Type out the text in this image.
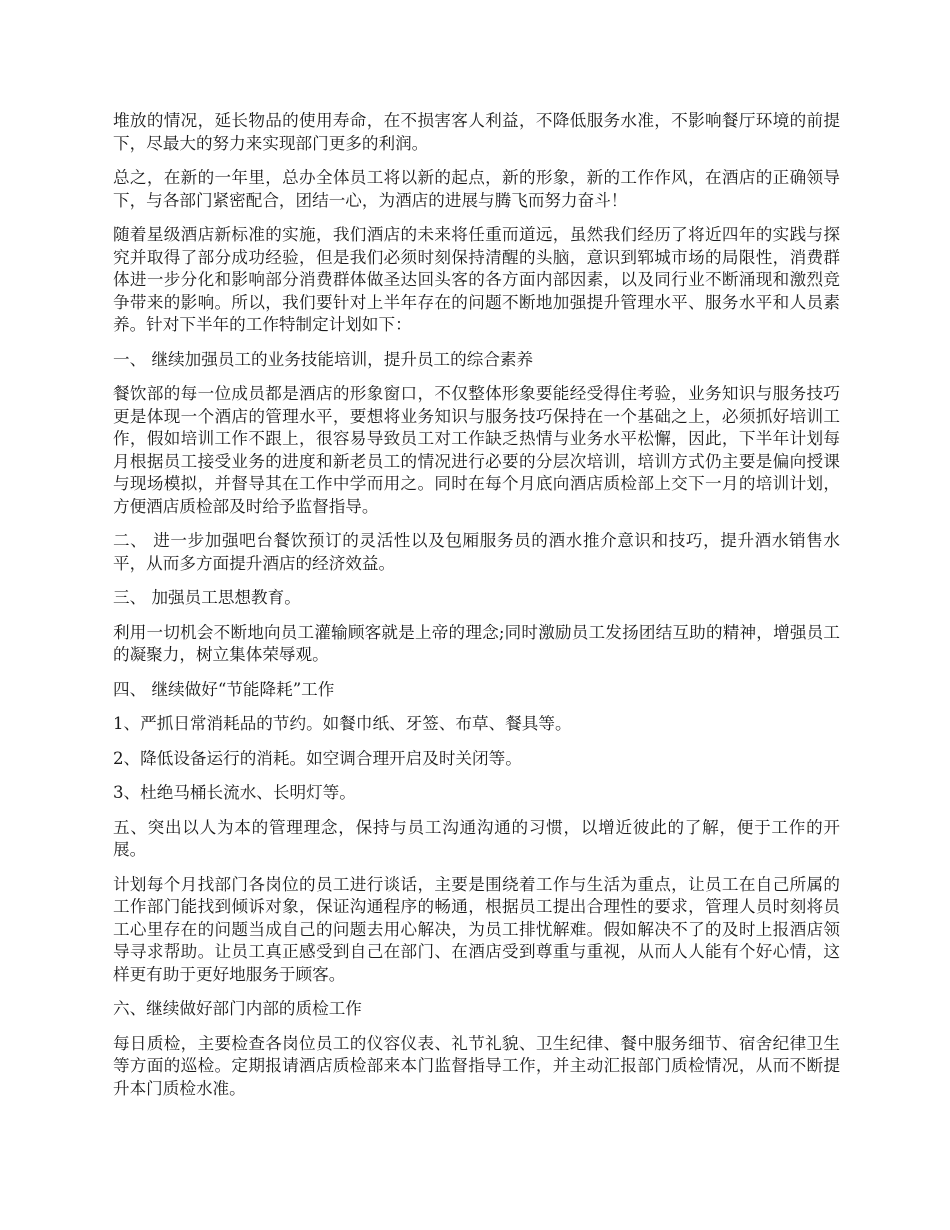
堆放的情况，延长物品的使用寿命，在不损害客人利益，不降低服务水准，不影响餐厅环境的前提下，尽最大的努力来实现部门更多的利润。

总之，在新的一年里，总办全体员工将以新的起点，新的形象，新的工作作风，在酒店的正确领导下，与各部门紧密配合，团结一心，为酒店的进展与腾飞而努力奋斗！

随着星级酒店新标准的实施，我们酒店的未来将任重而道远，虽然我们经历了将近四年的实践与探究并取得了部分成功经验，但是我们必须时刻保持清醒的头脑，意识到郓城市场的局限性，消费群体进一步分化和影响部分消费群体做圣达回头客的各方面内部因素，以及同行业不断涌现和激烈竞争带来的影响。所以，我们要针对上半年存在的问题不断地加强提升管理水平、服务水平和人员素养。针对下半年的工作特制定计划如下：

一、 继续加强员工的业务技能培训，提升员工的综合素养

餐饮部的每一位成员都是酒店的形象窗口，不仅整体形象要能经受得住考验，业务知识与服务技巧更是体现一个酒店的管理水平，要想将业务知识与服务技巧保持在一个基础之上，必须抓好培训工作，假如培训工作不跟上，很容易导致员工对工作缺乏热情与业务水平松懈，因此，下半年计划每月根据员工接受业务的进度和新老员工的情况进行必要的分层次培训，培训方式仍主要是偏向授课与现场模拟，并督导其在工作中学而用之。同时在每个月底向酒店质检部上交下一月的培训计划，方便酒店质检部及时给予监督指导。

二、 进一步加强吧台餐饮预订的灵活性以及包厢服务员的酒水推介意识和技巧，提升酒水销售水平，从而多方面提升酒店的经济效益。

三、 加强员工思想教育。

利用一切机会不断地向员工灌输顾客就是上帝的理念;同时激励员工发扬团结互助的精神，增强员工的凝聚力，树立集体荣辱观。

四、 继续做好“节能降耗”工作

1、严抓日常消耗品的节约。如餐巾纸、牙签、布草、餐具等。

2、降低设备运行的消耗。如空调合理开启及时关闭等。

3、杜绝马桶长流水、长明灯等。

五、突出以人为本的管理理念，保持与员工沟通沟通的习惯，以增近彼此的了解，便于工作的开展。

计划每个月找部门各岗位的员工进行谈话，主要是围绕着工作与生活为重点，让员工在自己所属的工作部门能找到倾诉对象，保证沟通程序的畅通，根据员工提出合理性的要求，管理人员时刻将员工心里存在的问题当成自己的问题去用心解决，为员工排忧解难。假如解决不了的及时上报酒店领导寻求帮助。让员工真正感受到自己在部门、在酒店受到尊重与重视，从而人人能有个好心情，这样更有助于更好地服务于顾客。

六、继续做好部门内部的质检工作

每日质检，主要检查各岗位员工的仪容仪表、礼节礼貌、卫生纪律、餐中服务细节、宿舍纪律卫生等方面的巡检。定期报请酒店质检部来本门监督指导工作，并主动汇报部门质检情况，从而不断提升本门质检水准。
